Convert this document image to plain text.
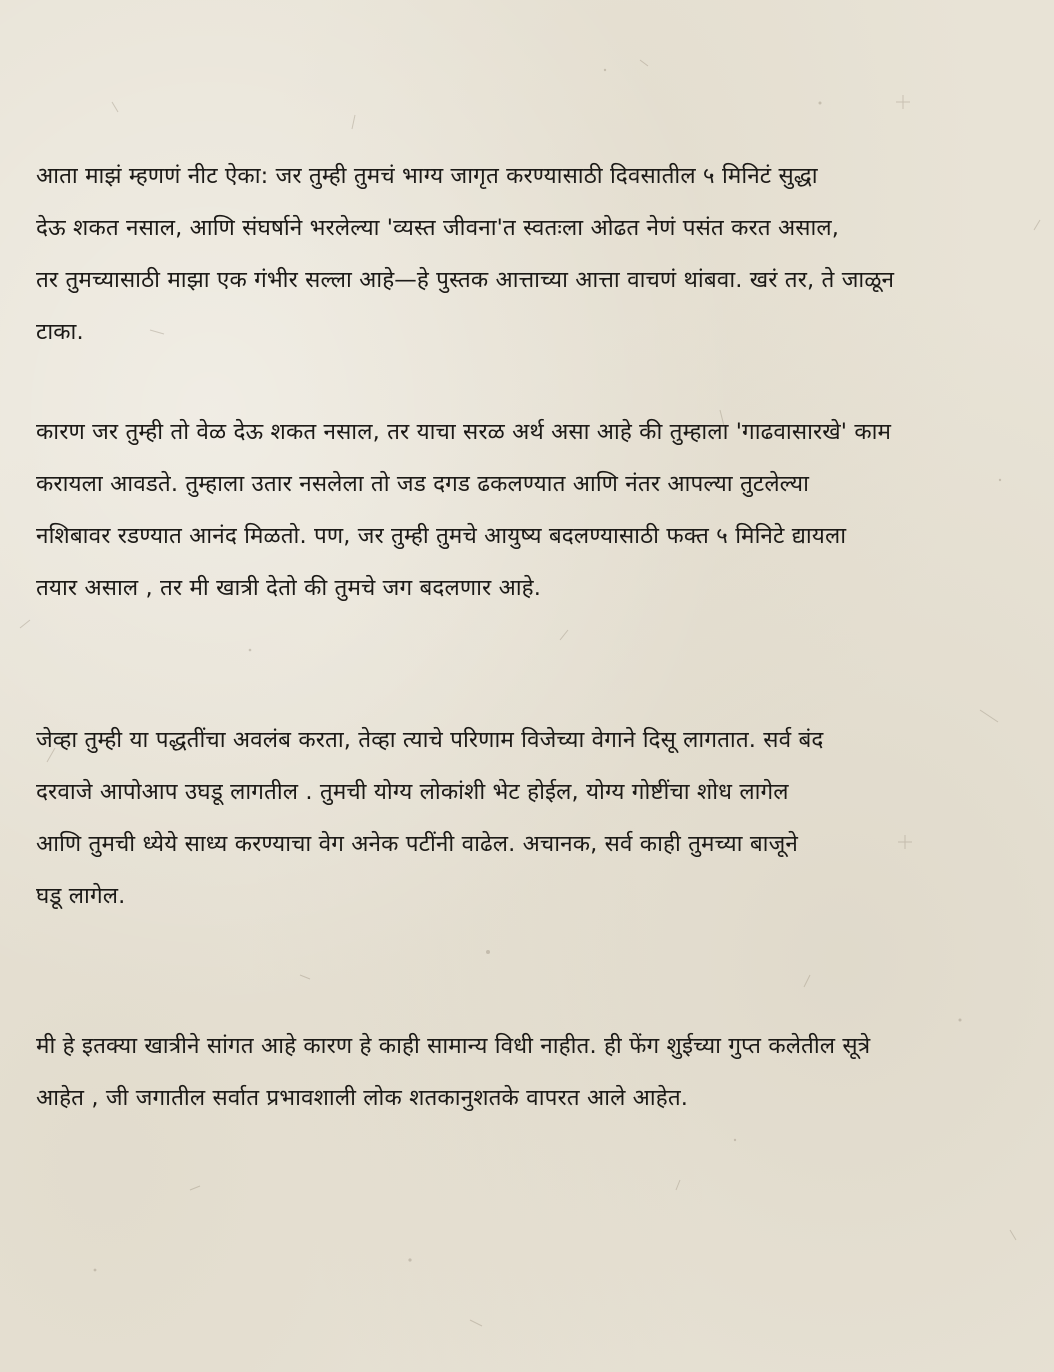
आता माझं म्हणणं नीट ऐका: जर तुम्ही तुमचं भाग्य जागृत करण्यासाठी दिवसातील ५ मिनिटं सुद्धा
देऊ शकत नसाल, आणि संघर्षाने भरलेल्या 'व्यस्त जीवना'त स्वतःला ओढत नेणं पसंत करत असाल,
तर तुमच्यासाठी माझा एक गंभीर सल्ला आहे—हे पुस्तक आत्ताच्या आत्ता वाचणं थांबवा. खरं तर, ते जाळून
टाका.

कारण जर तुम्ही तो वेळ देऊ शकत नसाल, तर याचा सरळ अर्थ असा आहे की तुम्हाला 'गाढवासारखे' काम
करायला आवडते. तुम्हाला उतार नसलेला तो जड दगड ढकलण्यात आणि नंतर आपल्या तुटलेल्या
नशिबावर रडण्यात आनंद मिळतो. पण, जर तुम्ही तुमचे आयुष्य बदलण्यासाठी फक्त ५ मिनिटे द्यायला
तयार असाल , तर मी खात्री देतो की तुमचे जग बदलणार आहे.

जेव्हा तुम्ही या पद्धतींचा अवलंब करता, तेव्हा त्याचे परिणाम विजेच्या वेगाने दिसू लागतात. सर्व बंद
दरवाजे आपोआप उघडू लागतील . तुमची योग्य लोकांशी भेट होईल, योग्य गोष्टींचा शोध लागेल
आणि तुमची ध्येये साध्य करण्याचा वेग अनेक पटींनी वाढेल. अचानक, सर्व काही तुमच्या बाजूने
घडू लागेल.

मी हे इतक्या खात्रीने सांगत आहे कारण हे काही सामान्य विधी नाहीत. ही फेंग शुईच्या गुप्त कलेतील सूत्रे
आहेत , जी जगातील सर्वात प्रभावशाली लोक शतकानुशतके वापरत आले आहेत.
